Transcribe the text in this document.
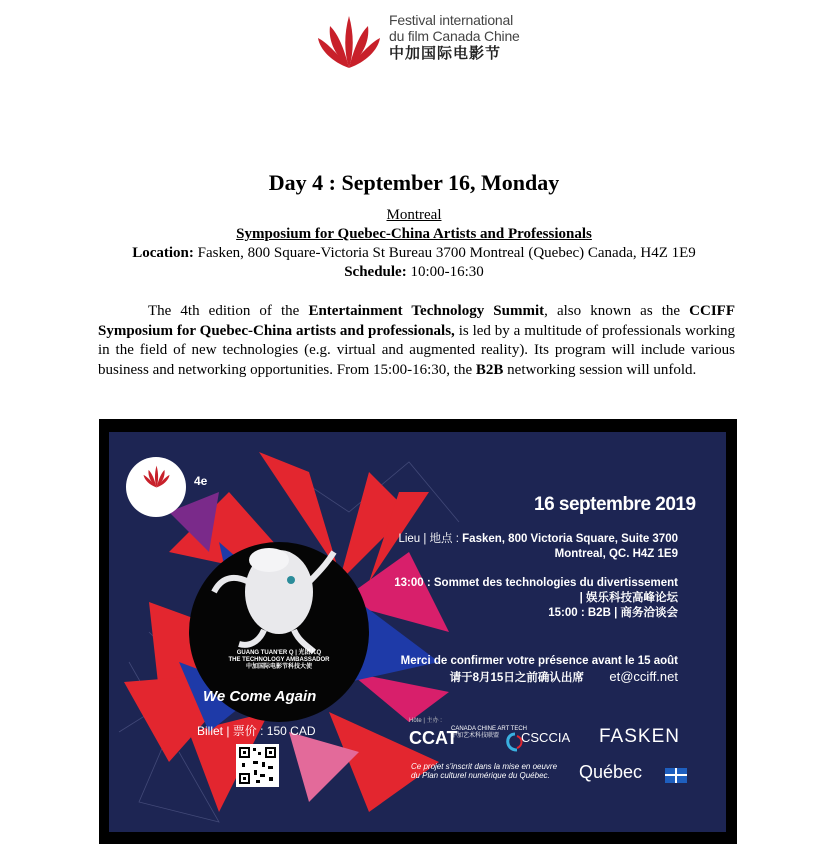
Festival international
du film Canada Chine
中加国际电影节
Day 4 : September 16, Monday
Montreal
Symposium for Quebec-China Artists and Professionals
Location: Fasken, 800 Square-Victoria St Bureau 3700 Montreal (Quebec) Canada, H4Z 1E9
Schedule: 10:00-16:30
The 4th edition of the Entertainment Technology Summit, also known as the CCIFF Symposium for Quebec-China artists and professionals, is led by a multitude of professionals working in the field of new technologies (e.g. virtual and augmented reality). Its program will include various business and networking opportunities. From 15:00-16:30, the B2B networking session will unfold.
4e
16 septembre 2019
Lieu | 地点 : Fasken, 800 Victoria Square, Suite 3700
Montreal, QC. H4Z 1E9
13:00 : Sommet des technologies du divertissement
| 娱乐科技高峰论坛
15:00 : B2B | 商务洽谈会
Merci de confirmer votre présence avant le 15 août
请于8月15日之前确认出席 et@cciff.net
GUANG TUAN'ER Q | 光团儿Q
THE TECHNOLOGY AMBASSADOR
中加国际电影节科技大使
We Come Again
Billet | 票价 : 150 CAD
Hôte | 主办 :
CCAT
CANADA CHINE ART TECH
中加艺术科技联盟	CSCCIA FASKEN
Ce projet s'inscrit dans la mise en oeuvre
du Plan culturel numérique du Québec.	Québec
